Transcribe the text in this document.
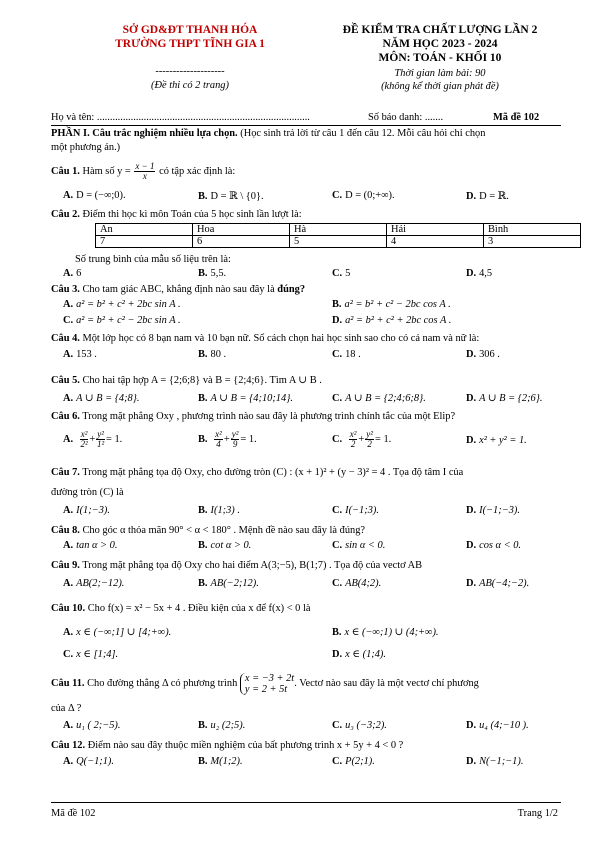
SỞ GD&ĐT THANH HÓA
TRƯỜNG THPT TĨNH GIA 1
--------------------
(Đề thi có 2 trang)
ĐỀ KIỂM TRA CHẤT LƯỢNG LẦN 2
NĂM HỌC 2023 - 2024
MÔN: TOÁN - KHỐI 10
Thời gian làm bài: 90
(không kể thời gian phát đề)
Họ và tên: ..................................................................................	Số báo danh: .......	Mã đề 102
PHẦN I. Câu trắc nghiệm nhiều lựa chọn. (Học sinh trả lời từ câu 1 đến câu 12. Mỗi câu hỏi chỉ chọn
một phương án.)
Câu 1. Hàm số $y = \frac{x - 1}{x}$ có tập xác định là:
A. D = (−∞;0).	B. D = ℝ \ {0}.	C. D = (0;+∞).	D. D = ℝ.
Câu 2. Điểm thi học kì môn Toán của 5 học sinh lần lượt là:
An	Hoa	Hà	Hải	Bình
7	6	5	4	3
Số trung bình của mẫu số liệu trên là:
A. 6	B. 5,5.	C. 5	D. 4,5
Câu 3. Cho tam giác ABC, khẳng định nào sau đây là đúng?
A. a² = b² + c² + 2bc sin A .	B. a² = b² + c² − 2bc cos A .
C. a² = b² + c² − 2bc sin A .	D. a² = b² + c² + 2bc cos A .
Câu 4. Một lớp học có 8 bạn nam và 10 bạn nữ. Số cách chọn hai học sinh sao cho có cả nam và nữ là:
A. 153 .	B. 80 .	C. 18 .	D. 306 .
Câu 5. Cho hai tập hợp A = {2;6;8} và B = {2;4;6}. Tìm A ∪ B .
A. A ∪ B = {4;8}.	B. A ∪ B = {4;10;14}.	C. A ∪ B = {2;4;6;8}.	D. A ∪ B = {2;6}.
Câu 6. Trong mặt phẳng Oxy , phương trình nào sau đây là phương trình chính tắc của một Elip?
A. $\frac{\text{x²}}{\text{2²}} + \frac{\text{y²}}{\text{1²}} = 1$.	B. $\frac{\text{x²}}{4} + \frac{\text{y²}}{9} = 1$.	C. $\frac{\text{x²}}{2} + \frac{\text{y²}}{2} = 1$.	D. x² + y² = 1.
Câu 7. Trong mặt phẳng tọa độ Oxy, cho đường tròn (C) : (x + 1)² + (y − 3)² = 4 . Tọa độ tâm I của
đường tròn (C) là
A. I(1;−3).	B. I(1;3) .	C. I(−1;3).	D. I(−1;−3).
Câu 8. Cho góc α thỏa mãn 90° < α < 180° . Mệnh đề nào sau đây là đúng?
A. tan α > 0.	B. cot α > 0.	C. sin α < 0.	D. cos α < 0.
Câu 9. Trong mặt phẳng tọa độ Oxy cho hai điểm A(3;−5), B(1;7) . Tọa độ của vectơ AB
A. AB(2;−12).	B. AB(−2;12).	C. AB(4;2).	D. AB(−4;−2).
Câu 10. Cho f(x) = x² − 5x + 4 . Điều kiện của x để f(x) < 0 là
A. x ∈ (−∞;1] ∪ [4;+∞).	B. x ∈ (−∞;1) ∪ (4;+∞).
C. x ∈ [1;4].	D. x ∈ (1;4).
Câu 11. Cho đường thẳng Δ có phương trình x = −3 + 2t
y = 2 + 5t
. Vectơ nào sau đây là một vectơ chỉ phương
của Δ ?
A. u₁ ( 2;−5).	B. u₂ (2;5).	C. u₃ (−3;2).	D. u₄ (4;−10 ).
Câu 12. Điểm nào sau đây thuộc miền nghiệm của bất phương trình x + 5y + 4 < 0 ?
A. Q(−1;1).	B. M(1;2).	C. P(2;1).	D. N(−1;−1).
Mã đề 102	Trang 1/2
